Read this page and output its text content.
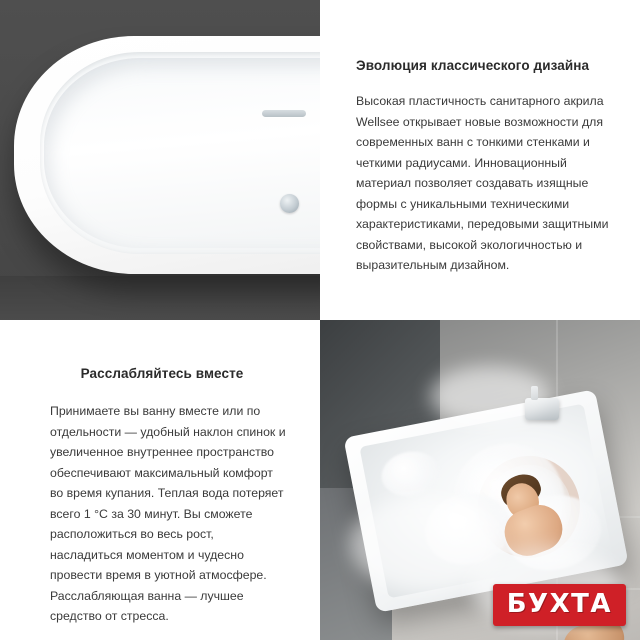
Эволюция классического дизайна

Высокая пластичность санитарного акрила Wellsee открывает новые возможности для современных ванн с тонкими стенками и четкими радиусами. Инновационный материал позволяет создавать изящные формы с уникальными техническими характеристиками, передовыми защитными свойствами, высокой экологичностью и выразительным дизайном.

Расслабляйтесь вместе

Принимаете вы ванну вместе или по отдельности — удобный наклон спинок и увеличенное внутреннее пространство обеспечивают максимальный комфорт во время купания. Теплая вода потеряет всего 1 °C за 30 минут. Вы сможете расположиться во весь рост, насладиться моментом и чудесно провести время в уютной атмосфере. Расслабляющая ванна — лучшее средство от стресса.	БУХТА
